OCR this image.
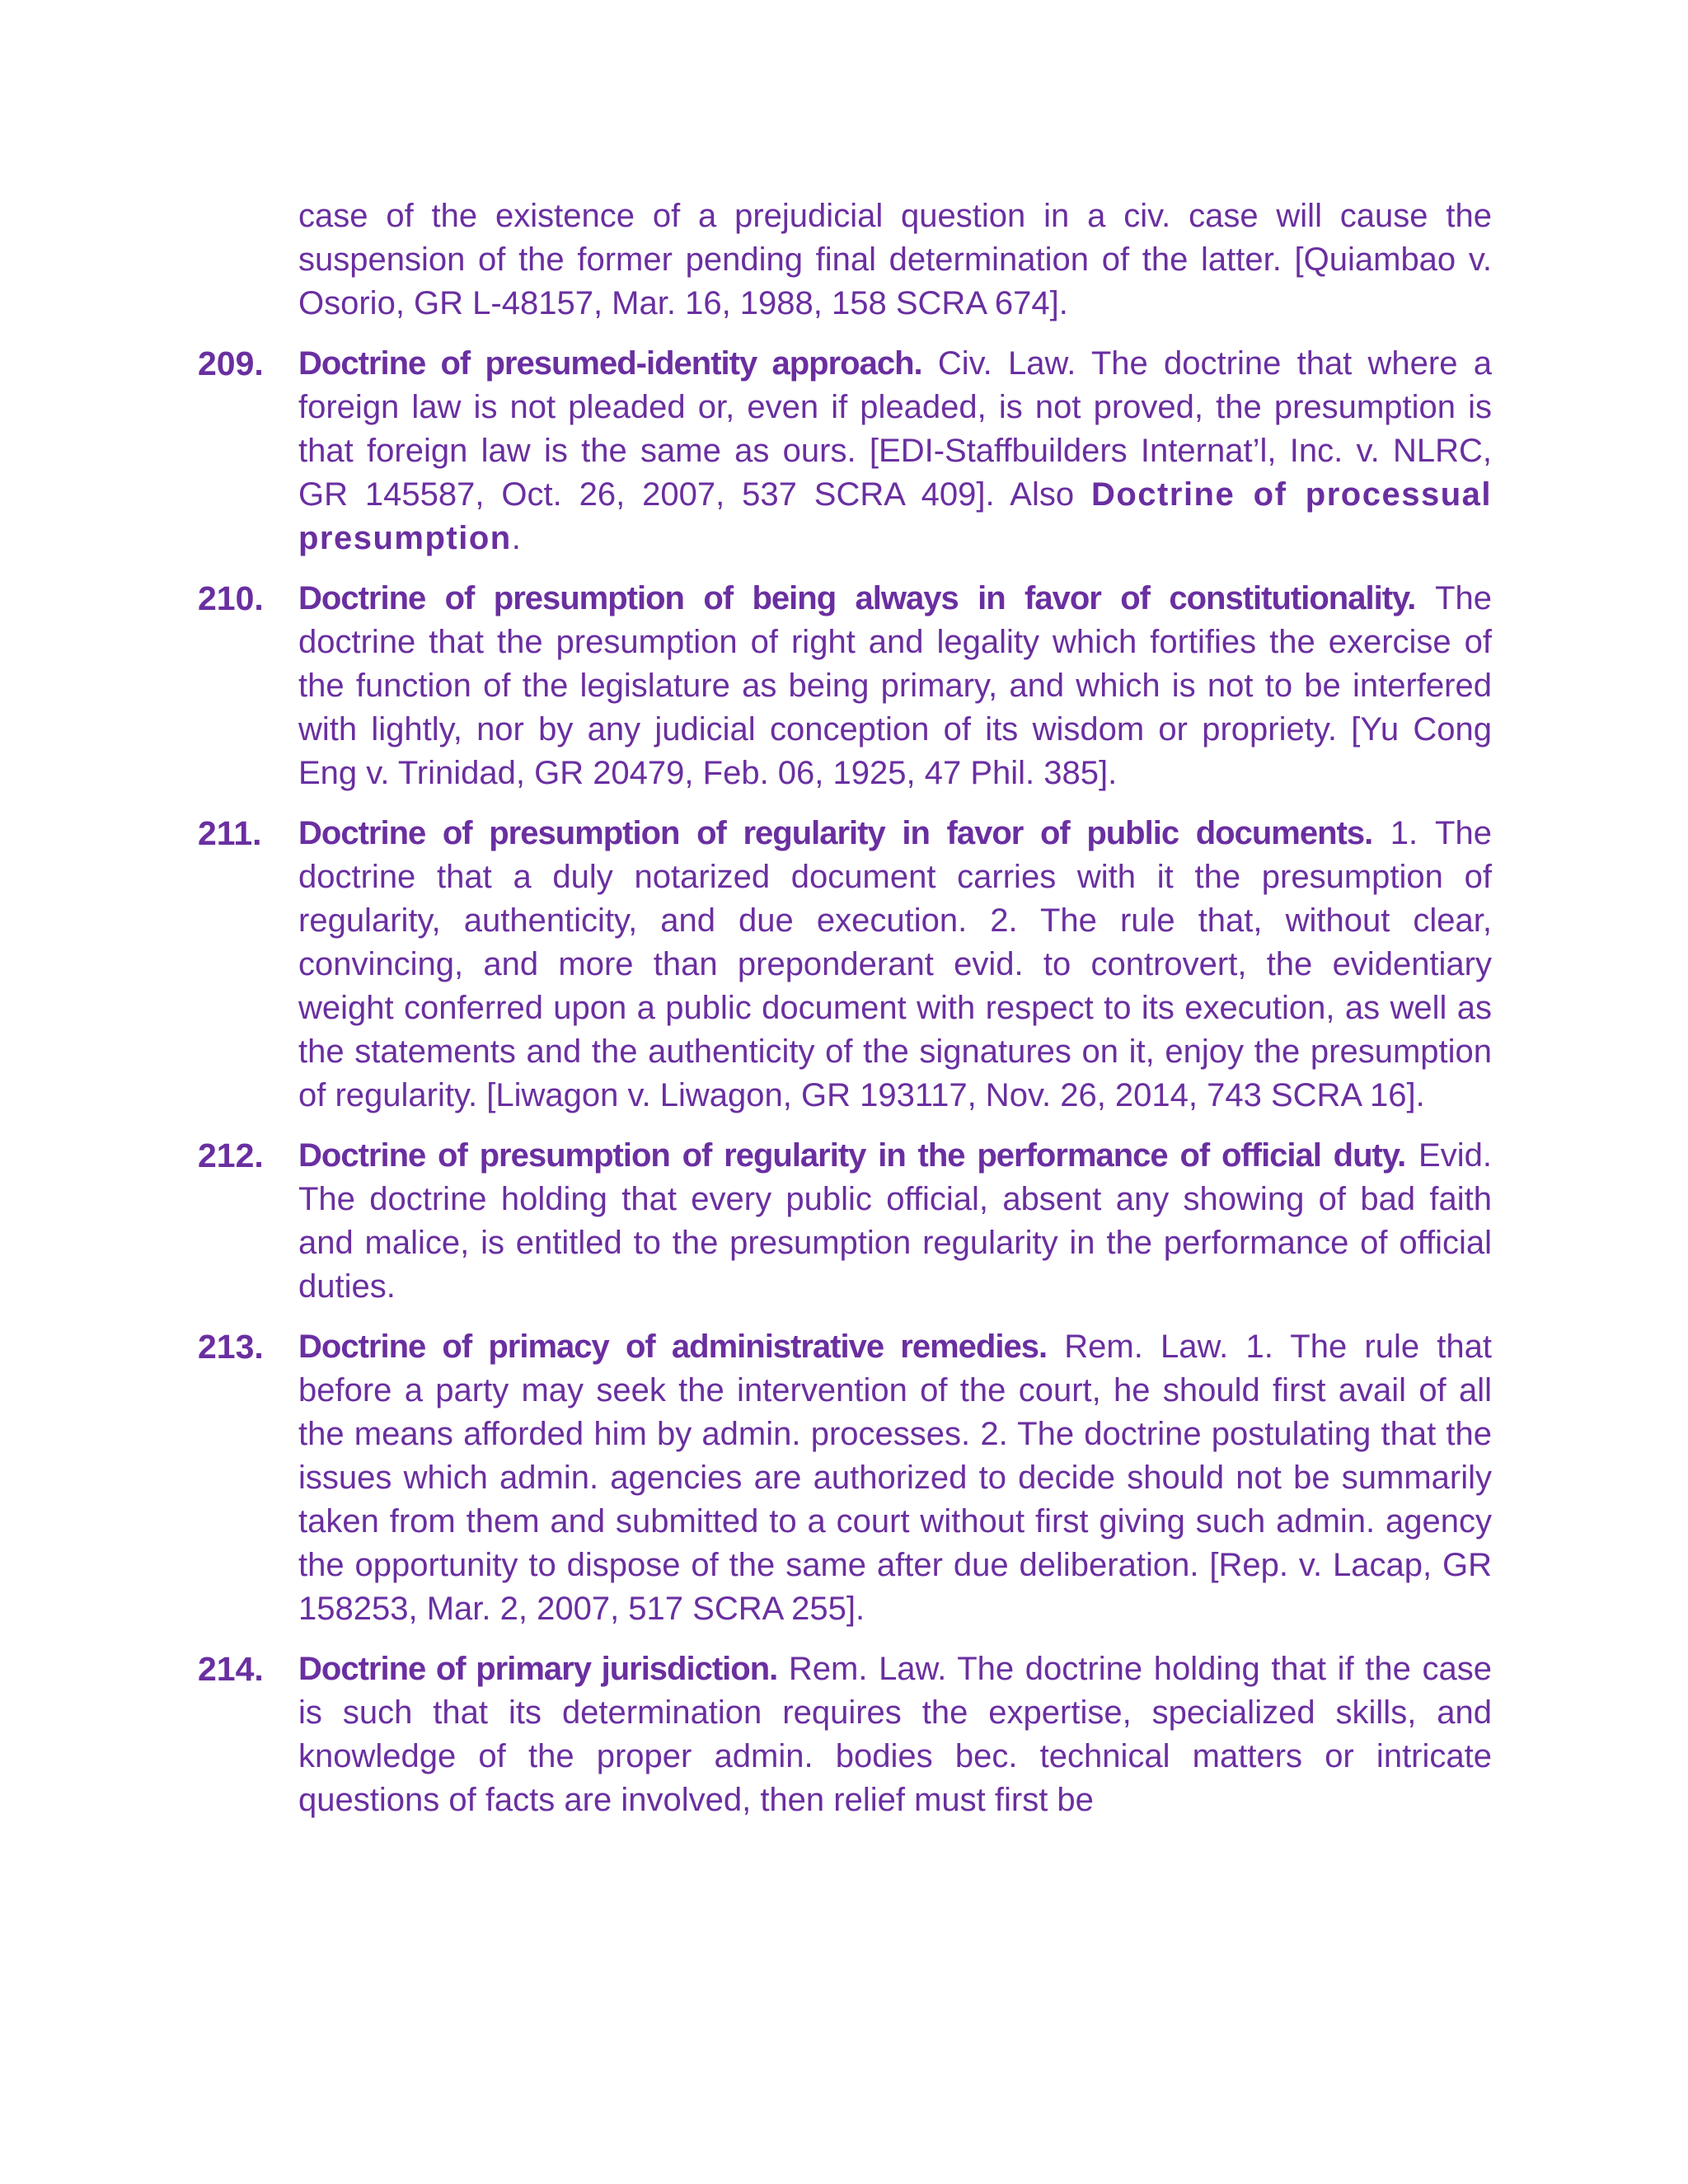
case of the existence of a prejudicial question in a civ. case will cause the suspension of the former pending final determination of the latter. [Quiambao v. Osorio, GR L-48157, Mar. 16, 1988, 158 SCRA 674].

209.	Doctrine of presumed-identity approach. Civ. Law. The doctrine that where a foreign law is not pleaded or, even if pleaded, is not proved, the presumption is that foreign law is the same as ours. [EDI-Staffbuilders Internat’l, Inc. v. NLRC, GR 145587, Oct. 26, 2007, 537 SCRA 409]. Also Doctrine of processual presumption.
210.	Doctrine of presumption of being always in favor of constitutionality. The doctrine that the presumption of right and legality which fortifies the exercise of the function of the legislature as being primary, and which is not to be interfered with lightly, nor by any judicial conception of its wisdom or propriety. [Yu Cong Eng v. Trinidad, GR 20479, Feb. 06, 1925, 47 Phil. 385].
211.	Doctrine of presumption of regularity in favor of public documents. 1. The doctrine that a duly notarized document carries with it the presumption of regularity, authenticity, and due execution. 2. The rule that, without clear, convincing, and more than preponderant evid. to controvert, the evidentiary weight conferred upon a public document with respect to its execution, as well as the statements and the authenticity of the signatures on it, enjoy the presumption of regularity. [Liwagon v. Liwagon, GR 193117, Nov. 26, 2014, 743 SCRA 16].
212.	Doctrine of presumption of regularity in the performance of official duty. Evid. The doctrine holding that every public official, absent any showing of bad faith and malice, is entitled to the presumption regularity in the performance of official duties.
213.	Doctrine of primacy of administrative remedies. Rem. Law. 1. The rule that before a party may seek the intervention of the court, he should first avail of all the means afforded him by admin. processes. 2. The doctrine postulating that the issues which admin. agencies are authorized to decide should not be summarily taken from them and submitted to a court without first giving such admin. agency the opportunity to dispose of the same after due deliberation. [Rep. v. Lacap, GR 158253, Mar. 2, 2007, 517 SCRA 255].
214.	Doctrine of primary jurisdiction. Rem. Law. The doctrine holding that if the case is such that its determination requires the expertise, specialized skills, and knowledge of the proper admin. bodies bec. technical matters or intricate questions of facts are involved, then relief must first be
